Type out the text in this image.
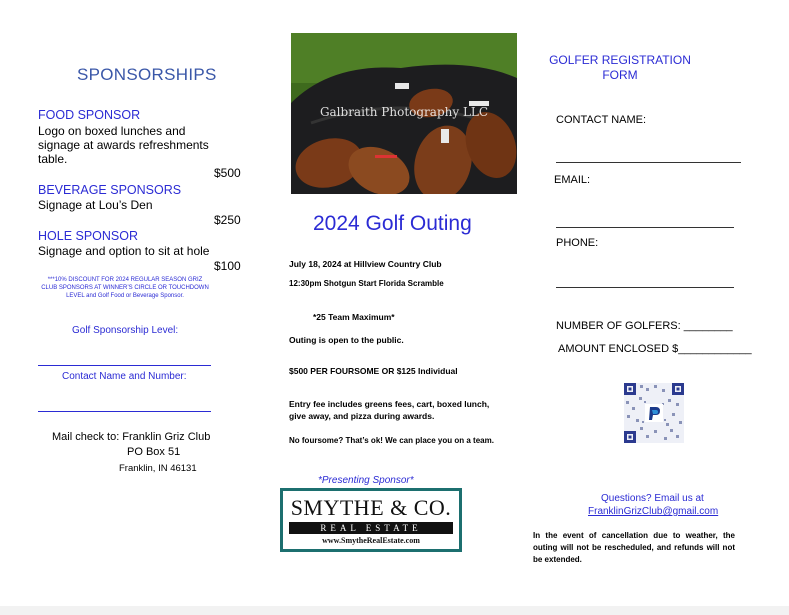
SPONSORSHIPS
FOOD SPONSOR
Logo on boxed lunches and signage at awards refreshments table.
$500
BEVERAGE SPONSORS
Signage at Lou’s Den
$250
HOLE SPONSOR
Signage and option to sit at hole
$100
***10% DISCOUNT FOR 2024 REGULAR SEASON GRIZ CLUB SPONSORS AT WINNER’S CIRCLE OR TOUCHDOWN LEVEL and Golf Food or Beverage Sponsor.
Golf Sponsorship Level:
Contact Name and Number:
Mail check to: Franklin Griz Club
PO Box 51
Franklin, IN 46131
Galbraith Photography LLC
2024 Golf Outing
July 18, 2024 at Hillview Country Club
12:30pm Shotgun Start Florida Scramble
*25 Team Maximum*
Outing is open to the public.
$500 PER FOURSOME OR $125 Individual
Entry fee includes greens fees, cart, boxed lunch, give away, and pizza during awards.
No foursome? That’s ok! We can place you on a team.
*Presenting Sponsor*
SMYTHE & CO.
REAL ESTATE
www.SmytheRealEstate.com
GOLFER REGISTRATION
FORM
CONTACT NAME:
EMAIL:
PHONE:
NUMBER OF GOLFERS: ________
AMOUNT ENCLOSED $____________
Questions? Email us at
FranklinGrizClub@gmail.com
In the event of cancellation due to weather, the outing will not be rescheduled, and refunds will not be extended.
